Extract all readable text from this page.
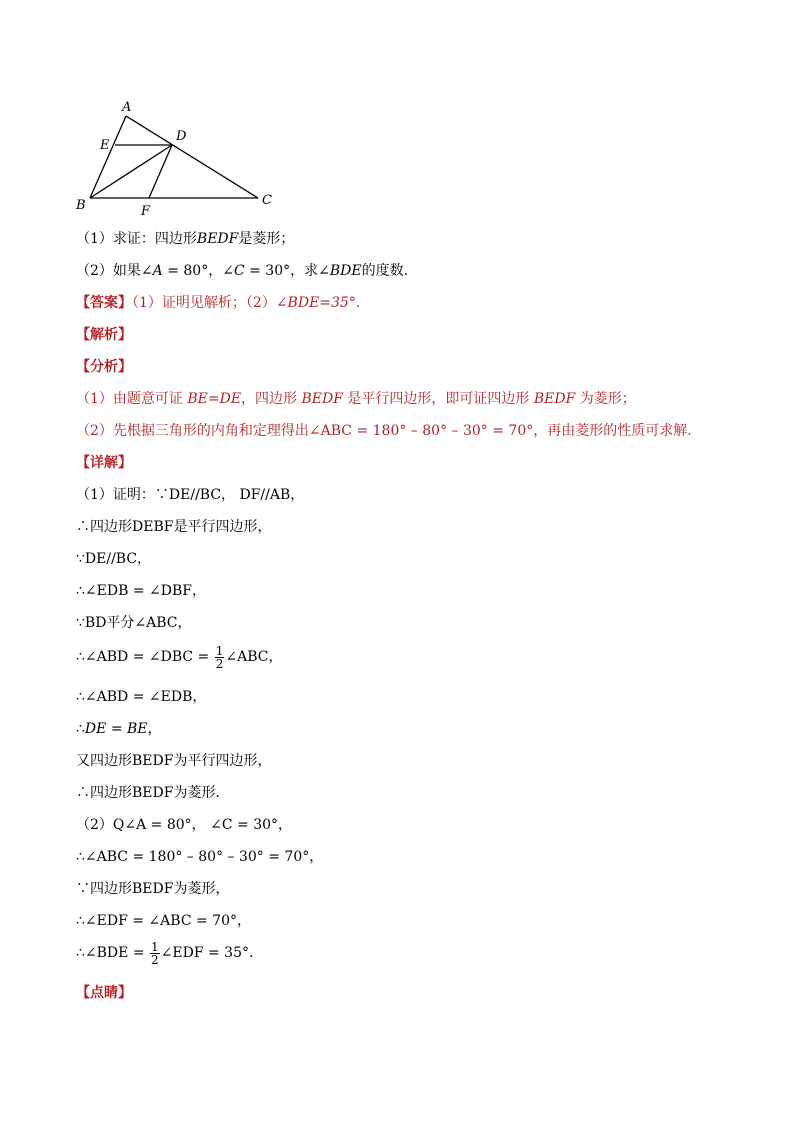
A
E
D
B	F
C
（1）求证：四边形BEDF是菱形；
（2）如果∠A = 80°，∠C = 30°，求∠BDE的度数.
【答案】（1）证明见解析；（2）∠BDE=35°.
【解析】
【分析】
（1）由题意可证 BE=DE，四边形 BEDF 是平行四边形，即可证四边形 BEDF 为菱形；
（2）先根据三角形的内角和定理得出∠ABC = 180° – 80° – 30° = 70°，再由菱形的性质可求解．
【详解】
（1）证明：∵DE//BC， DF//AB，
∴四边形DEBF是平行四边形，
∵DE//BC，
∴∠EDB = ∠DBF，
∵BD平分∠ABC，
∴∠ABD = ∠DBC = $\frac{1}{2}$ ∠ABC，
∴∠ABD = ∠EDB，
∴DE = BE，
又四边形BEDF为平行四边形，
∴四边形BEDF为菱形．
（2）Q∠A = 80°， ∠C = 30°，
∴∠ABC = 180° – 80° – 30° = 70°，
∵四边形BEDF为菱形，
∴∠EDF = ∠ABC = 70°，
∴∠BDE = $\frac{1}{2}$ ∠EDF = 35°．
【点睛】
